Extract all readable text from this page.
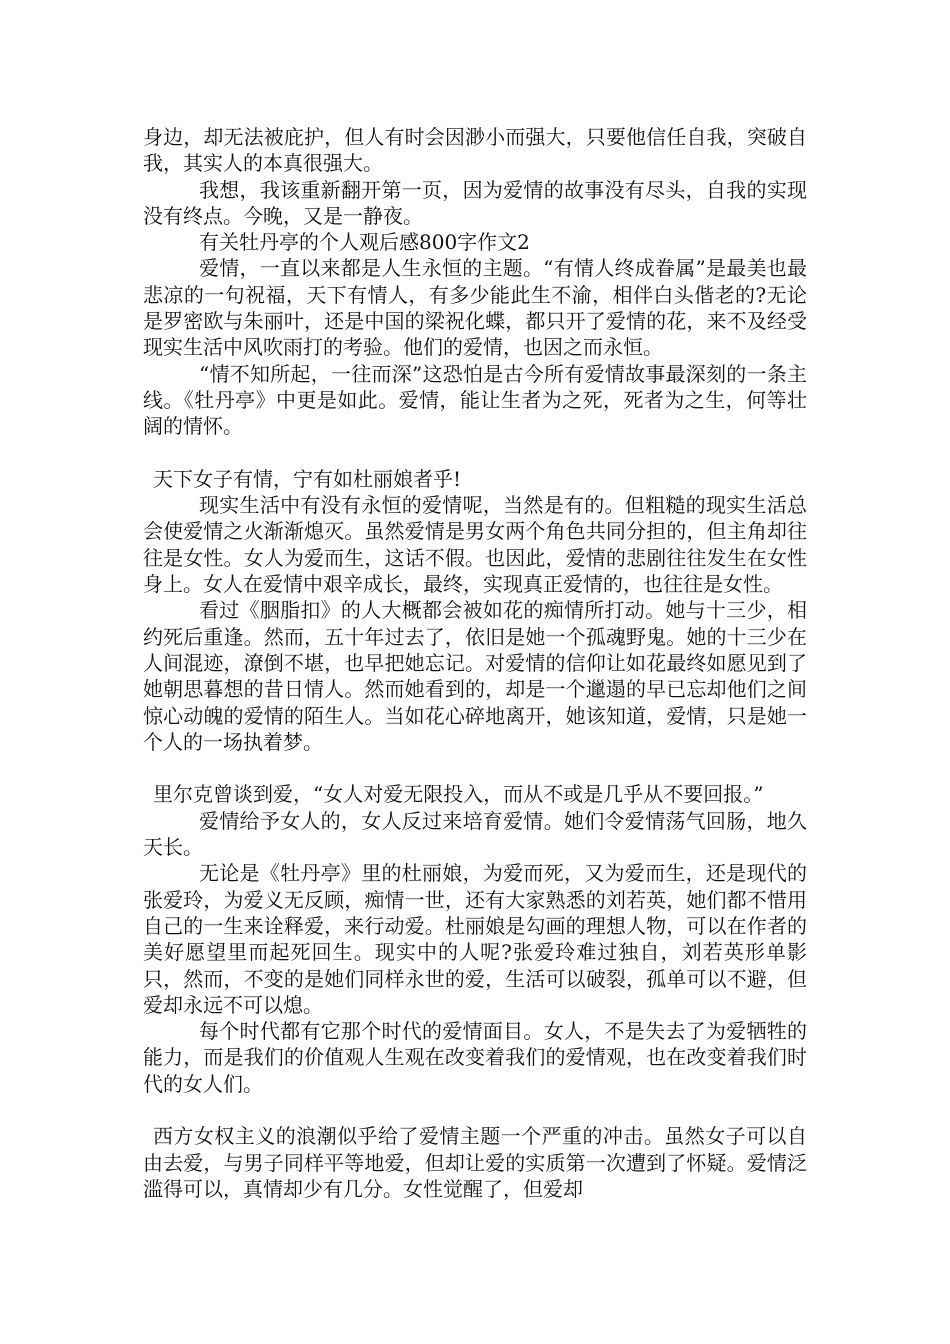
身边，却无法被庇护，但人有时会因渺小而强大，只要他信任自我，突破自我，其实人的本真很强大。

我想，我该重新翻开第一页，因为爱情的故事没有尽头，自我的实现没有终点。今晚，又是一静夜。

有关牡丹亭的个人观后感800字作文2

爱情，一直以来都是人生永恒的主题。“有情人终成眷属”是最美也最悲凉的一句祝福，天下有情人，有多少能此生不渝，相伴白头偕老的?无论是罗密欧与朱丽叶，还是中国的梁祝化蝶，都只开了爱情的花，来不及经受现实生活中风吹雨打的考验。他们的爱情，也因之而永恒。

“情不知所起，一往而深”这恐怕是古今所有爱情故事最深刻的一条主线。《牡丹亭》中更是如此。爱情，能让生者为之死，死者为之生，何等壮阔的情怀。

天下女子有情，宁有如杜丽娘者乎!

现实生活中有没有永恒的爱情呢，当然是有的。但粗糙的现实生活总会使爱情之火渐渐熄灭。虽然爱情是男女两个角色共同分担的，但主角却往往是女性。女人为爱而生，这话不假。也因此，爱情的悲剧往往发生在女性身上。女人在爱情中艰辛成长，最终，实现真正爱情的，也往往是女性。

看过《胭脂扣》的人大概都会被如花的痴情所打动。她与十三少，相约死后重逢。然而，五十年过去了，依旧是她一个孤魂野鬼。她的十三少在人间混迹，潦倒不堪，也早把她忘记。对爱情的信仰让如花最终如愿见到了她朝思暮想的昔日情人。然而她看到的，却是一个邋遢的早已忘却他们之间惊心动魄的爱情的陌生人。当如花心碎地离开，她该知道，爱情，只是她一个人的一场执着梦。

里尔克曾谈到爱，“女人对爱无限投入，而从不或是几乎从不要回报。”

爱情给予女人的，女人反过来培育爱情。她们令爱情荡气回肠，地久天长。

无论是《牡丹亭》里的杜丽娘，为爱而死，又为爱而生，还是现代的张爱玲，为爱义无反顾，痴情一世，还有大家熟悉的刘若英，她们都不惜用自己的一生来诠释爱，来行动爱。杜丽娘是勾画的理想人物，可以在作者的美好愿望里而起死回生。现实中的人呢?张爱玲难过独自，刘若英形单影只，然而，不变的是她们同样永世的爱，生活可以破裂，孤单可以不避，但爱却永远不可以熄。

每个时代都有它那个时代的爱情面目。女人，不是失去了为爱牺牲的能力，而是我们的价值观人生观在改变着我们的爱情观，也在改变着我们时代的女人们。

西方女权主义的浪潮似乎给了爱情主题一个严重的冲击。虽然女子可以自由去爱，与男子同样平等地爱，但却让爱的实质第一次遭到了怀疑。爱情泛滥得可以，真情却少有几分。女性觉醒了，但爱却
